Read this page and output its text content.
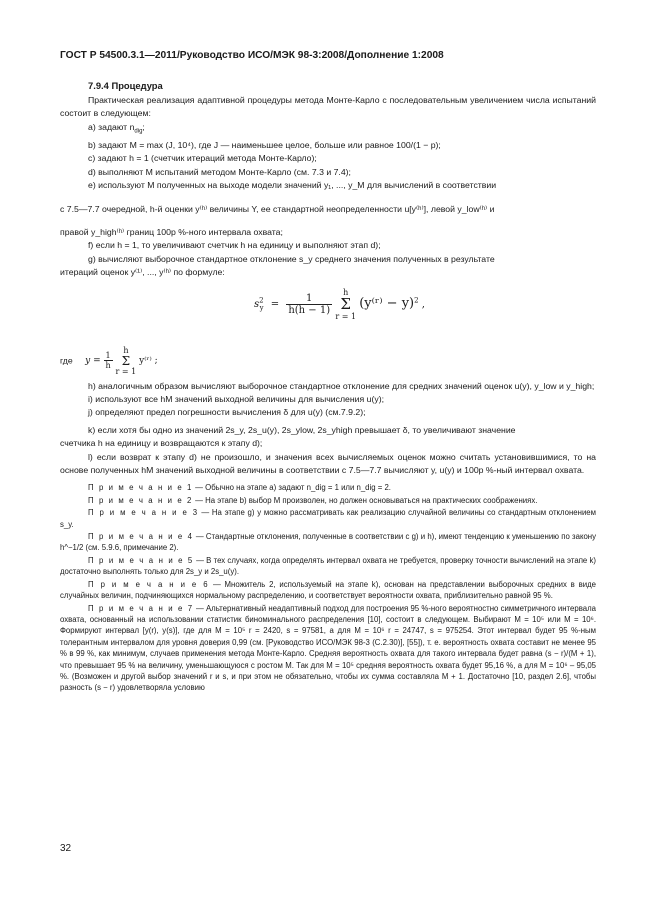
ГОСТ Р 54500.3.1—2011/Руководство ИСО/МЭК 98-3:2008/Дополнение 1:2008
7.9.4 Процедура

Практическая реализация адаптивной процедуры метода Монте-Карло с последовательным увеличением числа испытаний состоит в следующем:

a) задают $n_{dig}$;

b) задают M = max (J, 10⁴), где J — наименьшее целое, больше или равное 100/(1 − p);

c) задают h = 1 (счетчик итераций метода Монте-Карло);

d) выполняют M испытаний методом Монте-Карло (см. 7.3 и 7.4);

e) используют M полученных на выходе модели значений y₁, ..., y_M для вычислений в соответствии

с 7.5—7.7 очередной, h-й оценки y⁽ʰ⁾ величины Y, ее стандартной неопределенности u[y⁽ʰ⁾], левой y_low⁽ʰ⁾ и

правой y_high⁽ʰ⁾ границ 100p %-ного интервала охвата;

f) если h = 1, то увеличивают счетчик h на единицу и выполняют этап d);

g) вычисляют выборочное стандартное отклонение s_y среднего значения полученных в результате

итераций оценок y⁽¹⁾, ..., y⁽ʰ⁾ по формуле:

$s^2_y = \frac{1}{h(h - 1)}$
h
Σ
r = 1 (y⁽ʳ⁾ − y)$^2$ ,
где $y = \frac{1}{h}$
h
Σ
r = 1 y⁽ʳ⁾ ;

h) аналогичным образом вычисляют выборочное стандартное отклонение для средних значений оценок u(y), y_low и y_high;

i) используют все hM значений выходной величины для вычисления u(y);

j) определяют предел погрешности вычисления δ для u(y) (см.7.9.2);

k) если хотя бы одно из значений 2s_y, 2s_u(y), 2s_ylow, 2s_yhigh превышает δ, то увеличивают значение

счетчика h на единицу и возвращаются к этапу d);

l) если возврат к этапу d) не произошло, и значения всех вычисляемых оценок можно считать установившимися, то на основе полученных hM значений выходной величины в соответствии с 7.5—7.7 вычисляют y, u(y) и 100p %-ный интервал охвата.

П р и м е ч а н и е 1 — Обычно на этапе a) задают n_dig = 1 или n_dig = 2.
П р и м е ч а н и е 2 — На этапе b) выбор M произволен, но должен основываться на практических соображениях.
П р и м е ч а н и е 3 — На этапе g) y можно рассматривать как реализацию случайной величины со стандартным отклонением s_y.
П р и м е ч а н и е 4 — Стандартные отклонения, полученные в соответствии с g) и h), имеют тенденцию к уменьшению по закону h^−1/2 (см. 5.9.6, примечание 2).
П р и м е ч а н и е 5 — В тех случаях, когда определять интервал охвата не требуется, проверку точности вычислений на этапе k) достаточно выполнять только для 2s_y и 2s_u(y).
П р и м е ч а н и е 6 — Множитель 2, используемый на этапе k), основан на представлении выборочных средних в виде случайных величин, подчиняющихся нормальному распределению, и соответствует вероятности охвата, приблизительно равной 95 %.
П р и м е ч а н и е 7 — Альтернативный неадаптивный подход для построения 95 %-ного вероятностно симметричного интервала охвата, основанный на использовании статистик биноминального распределения [10], состоит в следующем. Выбирают M = 10⁵ или M = 10⁶. Формируют интервал [y(r), y(s)], где для M = 10⁵ r = 2420, s = 97581, а для M = 10⁶ r = 24747, s = 975254. Этот интервал будет 95 %-ным толерантным интервалом для уровня доверия 0,99 (см. [Руководство ИСО/МЭК 98-3 (C.2.30)], [55]), т. е. вероятность охвата составит не менее 95 % в 99 %, как минимум, случаев применения метода Монте-Карло. Средняя вероятность охвата для такого интервала будет равна (s − r)/(M + 1), что превышает 95 % на величину, уменьшающуюся с ростом M. Так для M = 10⁵ средняя вероятность охвата будет 95,16 %, а для M = 10⁶ – 95,05 %. (Возможен и другой выбор значений r и s, и при этом не обязательно, чтобы их сумма составляла M + 1. Достаточно [10, раздел 2.6], чтобы разность (s − r) удовлетворяла условию
32
